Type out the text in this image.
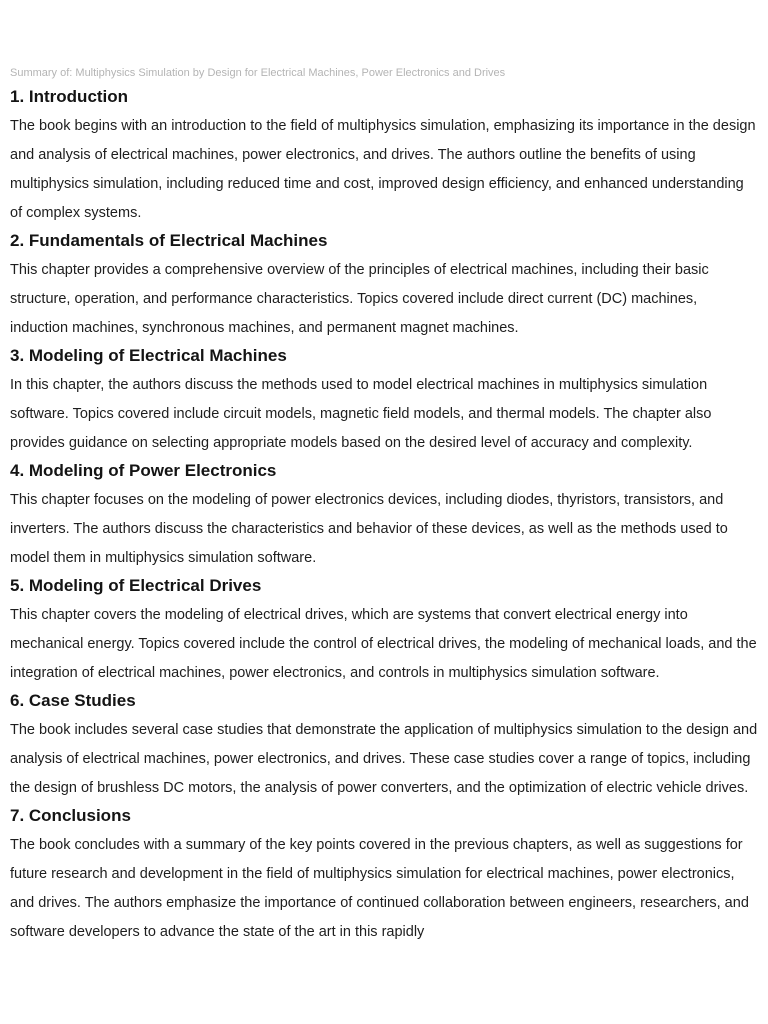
Summary of: Multiphysics Simulation by Design for Electrical Machines, Power Electronics and Drives
1. Introduction

The book begins with an introduction to the field of multiphysics simulation, emphasizing its importance in the design and analysis of electrical machines, power electronics, and drives. The authors outline the benefits of using multiphysics simulation, including reduced time and cost, improved design efficiency, and enhanced understanding of complex systems.

2. Fundamentals of Electrical Machines

This chapter provides a comprehensive overview of the principles of electrical machines, including their basic structure, operation, and performance characteristics. Topics covered include direct current (DC) machines, induction machines, synchronous machines, and permanent magnet machines.

3. Modeling of Electrical Machines

In this chapter, the authors discuss the methods used to model electrical machines in multiphysics simulation software. Topics covered include circuit models, magnetic field models, and thermal models. The chapter also provides guidance on selecting appropriate models based on the desired level of accuracy and complexity.

4. Modeling of Power Electronics

This chapter focuses on the modeling of power electronics devices, including diodes, thyristors, transistors, and inverters. The authors discuss the characteristics and behavior of these devices, as well as the methods used to model them in multiphysics simulation software.

5. Modeling of Electrical Drives

This chapter covers the modeling of electrical drives, which are systems that convert electrical energy into mechanical energy. Topics covered include the control of electrical drives, the modeling of mechanical loads, and the integration of electrical machines, power electronics, and controls in multiphysics simulation software.

6. Case Studies

The book includes several case studies that demonstrate the application of multiphysics simulation to the design and analysis of electrical machines, power electronics, and drives. These case studies cover a range of topics, including the design of brushless DC motors, the analysis of power converters, and the optimization of electric vehicle drives.

7. Conclusions

The book concludes with a summary of the key points covered in the previous chapters, as well as suggestions for future research and development in the field of multiphysics simulation for electrical machines, power electronics, and drives. The authors emphasize the importance of continued collaboration between engineers, researchers, and software developers to advance the state of the art in this rapidly
